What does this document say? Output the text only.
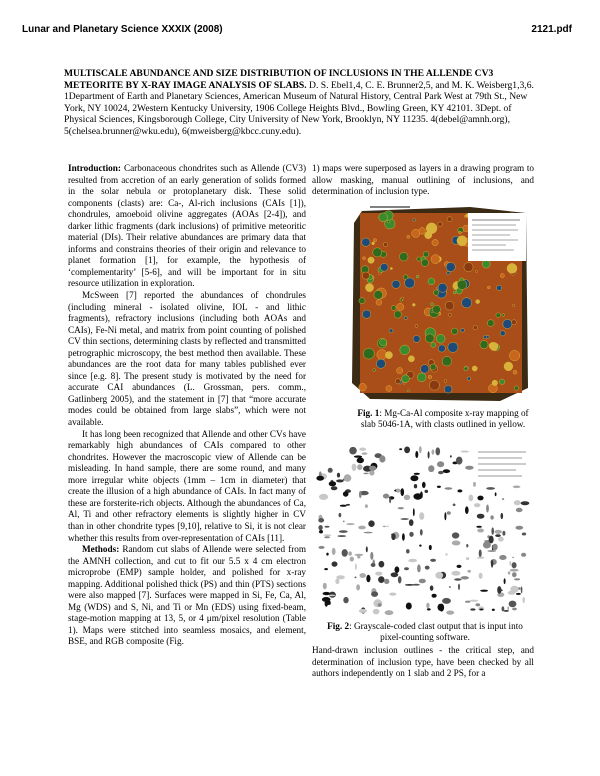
Lunar and Planetary Science XXXIX (2008)	2121.pdf
MULTISCALE ABUNDANCE AND SIZE DISTRIBUTION OF INCLUSIONS IN THE ALLENDE CV3 METEORITE BY X-RAY IMAGE ANALYSIS OF SLABS. D. S. Ebel1,4, C. E. Brunner2,5, and M. K. Weisberg1,3,6. 1Department of Earth and Planetary Sciences, American Museum of Natural History, Central Park West at 79th St., New York, NY 10024, 2Western Kentucky University, 1906 College Heights Blvd., Bowling Green, KY 42101. 3Dept. of Physical Sciences, Kingsborough College, City University of New York, Brooklyn, NY 11235. 4(debel@amnh.org), 5(chelsea.brunner@wku.edu), 6(mweisberg@kbcc.cuny.edu).

Introduction: Carbonaceous chondrites such as Allende (CV3) resulted from accretion of an early generation of solids formed in the solar nebula or protoplanetary disk. These solid components (clasts) are: Ca-, Al-rich inclusions (CAIs [1]), chondrules, amoeboid olivine aggregates (AOAs [2-4]), and darker lithic fragments (dark inclusions) of primitive meteoritic material (DIs). Their relative abundances are primary data that informs and constrains theories of their origin and relevance to planet formation [1], for example, the hypothesis of ‘complementarity’ [5-6], and will be important for in situ resource utilization in exploration.

McSween [7] reported the abundances of chondrules (including mineral - isolated olivine, IOL - and lithic fragments), refractory inclusions (including both AOAs and CAIs), Fe-Ni metal, and matrix from point counting of polished CV thin sections, determining clasts by reflected and transmitted petrographic microscopy, the best method then available. These abundances are the root data for many tables published ever since [e.g. 8]. The present study is motivated by the need for accurate CAI abundances (L. Grossman, pers. comm., Gatlinberg 2005), and the statement in [7] that “more accurate modes could be obtained from large slabs”, which were not available.

It has long been recognized that Allende and other CVs have remarkably high abundances of CAIs compared to other chondrites. However the macroscopic view of Allende can be misleading. In hand sample, there are some round, and many more irregular white objects (1mm – 1cm in diameter) that create the illusion of a high abundance of CAIs. In fact many of these are forsterite-rich objects. Although the abundances of Ca, Al, Ti and other refractory elements is slightly higher in CV than in other chondrite types [9,10], relative to Si, it is not clear whether this results from over-representation of CAIs [11].

Methods: Random cut slabs of Allende were selected from the AMNH collection, and cut to fit our 5.5 x 4 cm electron microprobe (EMP) sample holder, and polished for x-ray mapping. Additional polished thick (PS) and thin (PTS) sections were also mapped [7]. Surfaces were mapped in Si, Fe, Ca, Al, Mg (WDS) and S, Ni, and Ti or Mn (EDS) using fixed-beam, stage-motion mapping at 13, 5, or 4 μm/pixel resolution (Table 1). Maps were stitched into seamless mosaics, and element, BSE, and RGB composite (Fig.

1) maps were superposed as layers in a drawing program to allow masking, manual outlining of inclusions, and determination of inclusion type.
Fig. 1: Mg-Ca-Al composite x-ray mapping of slab 5046-1A, with clasts outlined in yellow.
Fig. 2: Grayscale-coded clast output that is input into pixel-counting software.
Hand-drawn inclusion outlines - the critical step, and determination of inclusion type, have been checked by all authors independently on 1 slab and 2 PS, for a
